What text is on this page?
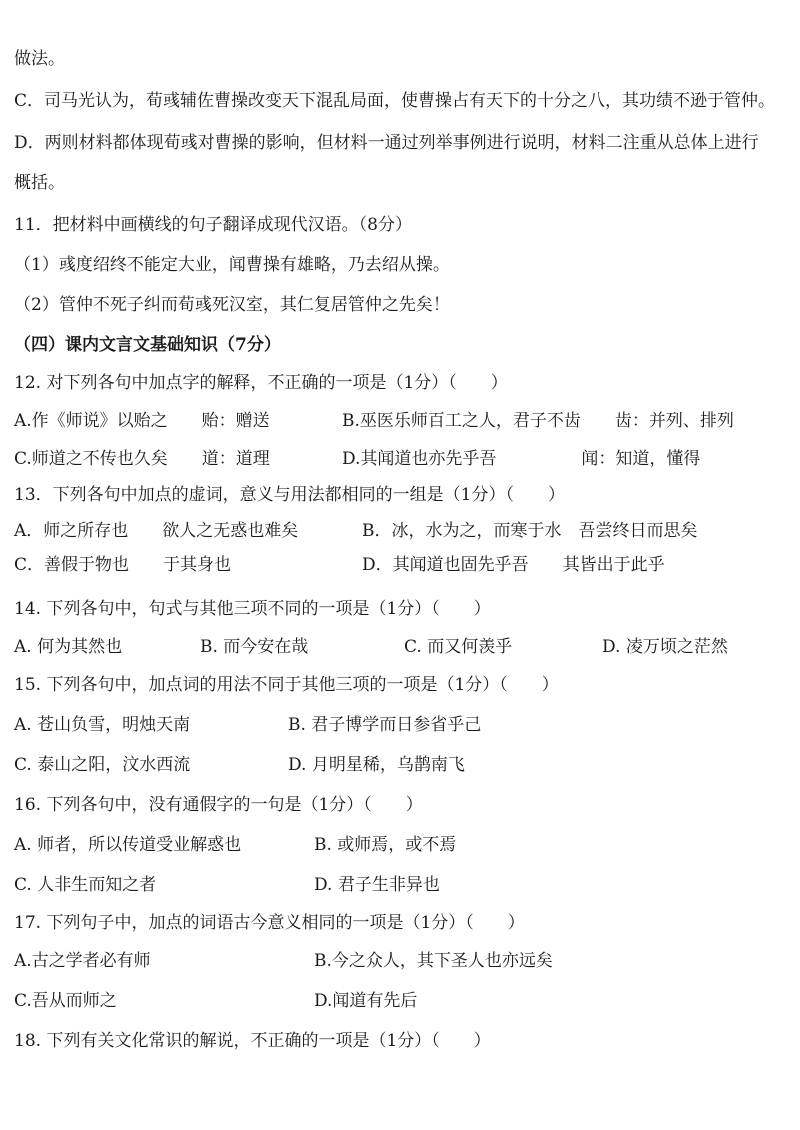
做法。
C．司马光认为，荀彧辅佐曹操改变天下混乱局面，使曹操占有天下的十分之八，其功绩不逊于管仲。
D．两则材料都体现荀彧对曹操的影响，但材料一通过列举事例进行说明，材料二注重从总体上进行
概括。
11．把材料中画横线的句子翻译成现代汉语。（8分）
（1）彧度绍终不能定大业，闻曹操有雄略，乃去绍从操。
（2）管仲不死子纠而荀彧死汉室，其仁复居管仲之先矣！
（四）课内文言文基础知识（7分）
12. 对下列各句中加点字的解释，不正确的一项是（1分）（　　）
A.作《师说》以贻之　　贻：赠送	B.巫医乐师百工之人，君子不齿　　齿：并列、排列
C.师道之不传也久矣　　道：道理	D.其闻道也亦先乎吾　　　　　闻：知道，懂得
13．下列各句中加点的虚词，意义与用法都相同的一组是（1分）（　　）
A．师之所存也　　欲人之无惑也难矣	B．冰，水为之，而寒于水　吾尝终日而思矣
C．善假于物也　　于其身也	D．其闻道也固先乎吾　　其皆出于此乎
14. 下列各句中，句式与其他三项不同的一项是（1分）（　　）
A. 何为其然也	B. 而今安在哉	C. 而又何羡乎	D. 凌万顷之茫然
15. 下列各句中，加点词的用法不同于其他三项的一项是（1分）（　　）
A. 苍山负雪，明烛天南	B. 君子博学而日参省乎己
C. 泰山之阳，汶水西流	D. 月明星稀，乌鹊南飞
16. 下列各句中，没有通假字的一句是（1分）（　　）
A. 师者，所以传道受业解惑也	B. 或师焉，或不焉
C. 人非生而知之者	D. 君子生非异也
17. 下列句子中，加点的词语古今意义相同的一项是（1分）（　　）
A.古之学者必有师	B.今之众人，其下圣人也亦远矣
C.吾从而师之	D.闻道有先后
18. 下列有关文化常识的解说，不正确的一项是（1分）（　　）
